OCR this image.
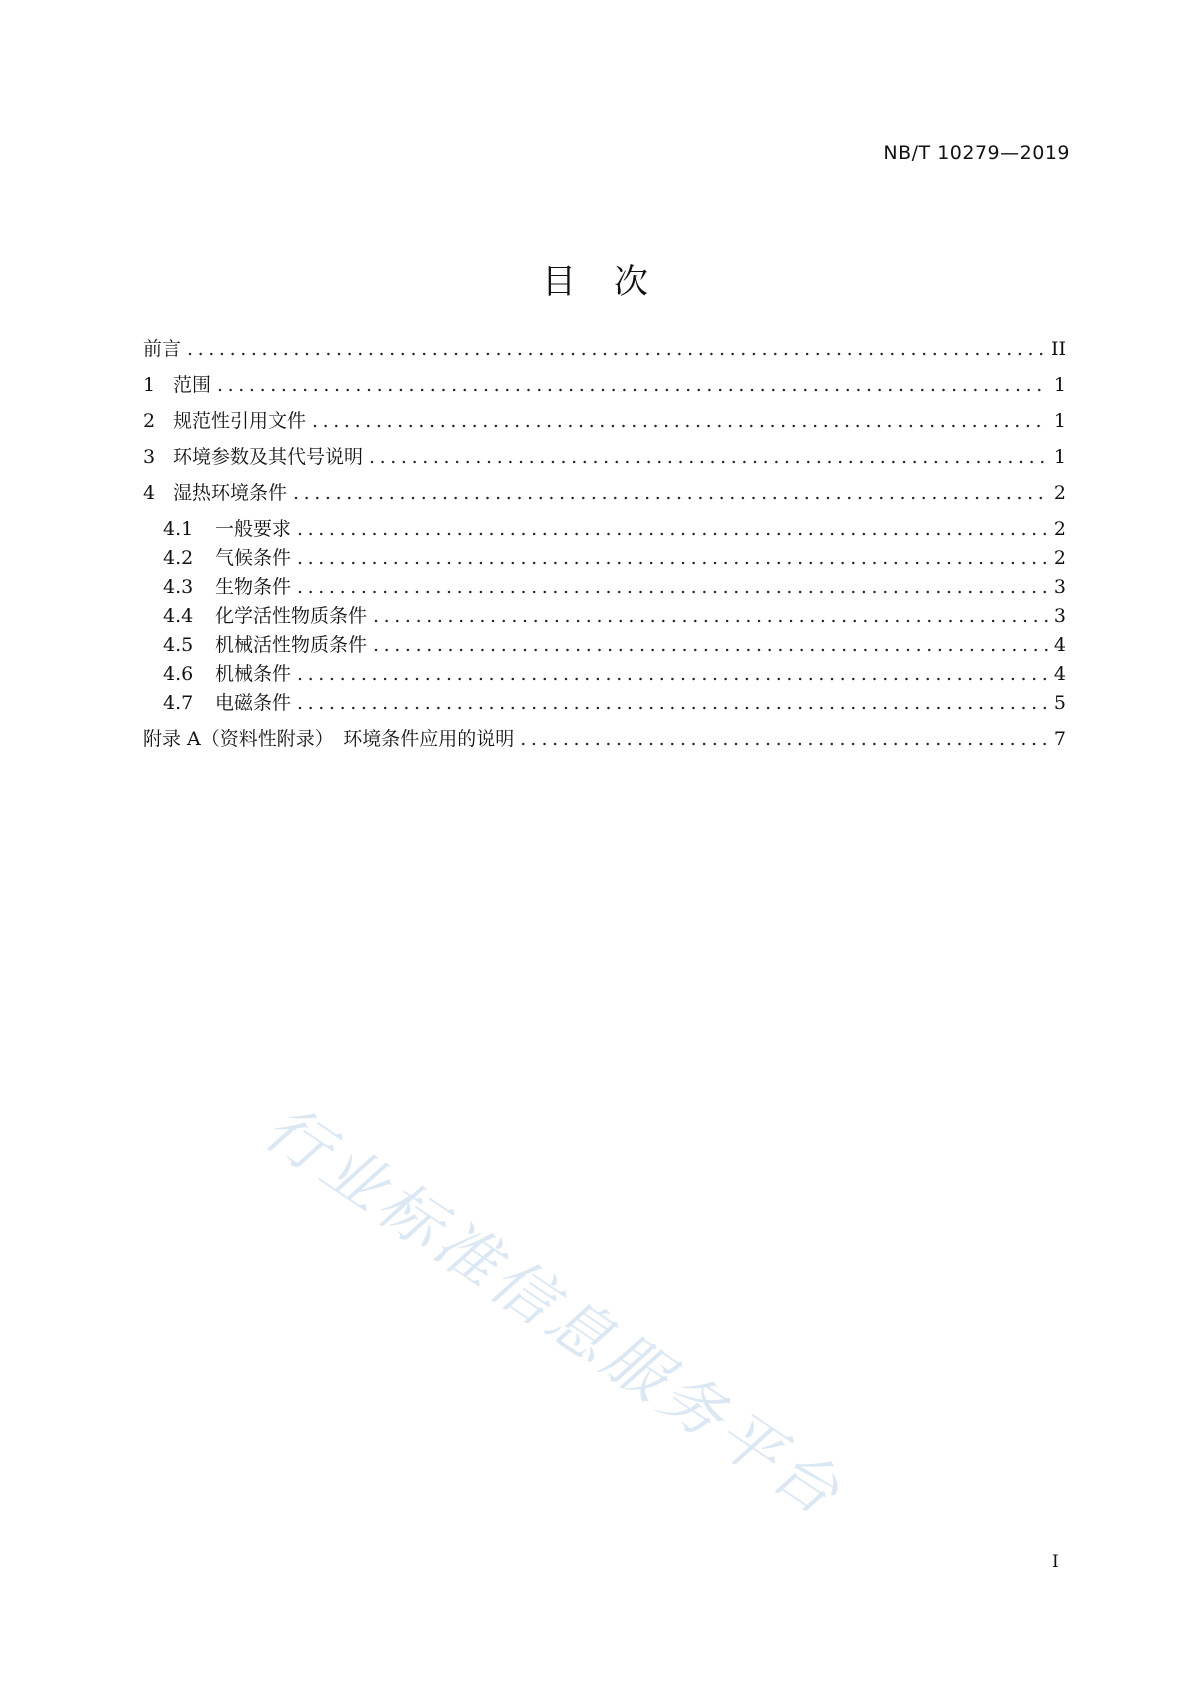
NB/T 10279—2019
目次
前言 .....	II
1 范围 .....	1
2 规范性引用文件 .....	1
3 环境参数及其代号说明 .....	1
4 湿热环境条件 .....	2
4.1	一般要求 .....	2
4.2	气候条件 .....	2
4.3	生物条件 .....	3
4.4	化学活性物质条件 .....	3
4.5	机械活性物质条件 .....	4
4.6	机械条件 .....	4
4.7	电磁条件 .....	5
附录 A（资料性附录）　环境条件应用的说明 .....	7
行业标准信息服务平台
I
